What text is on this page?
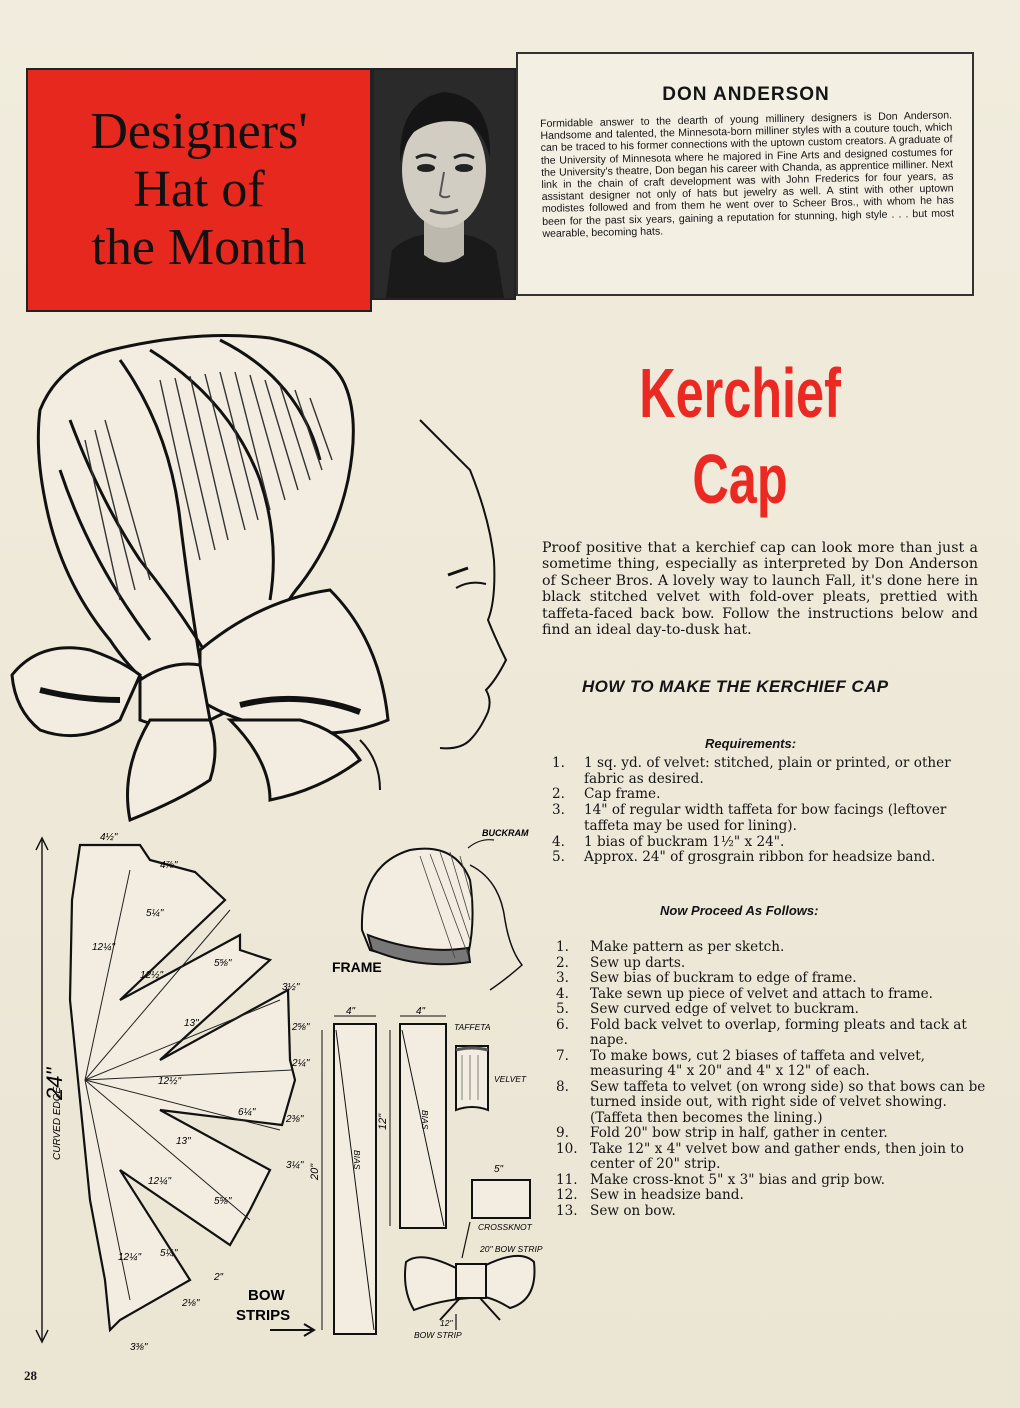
Designers'
Hat of
the Month
DON ANDERSON
Formidable answer to the dearth of young millinery designers is Don Anderson. Handsome and talented, the Minnesota-born milliner styles with a couture touch, which can be traced to his former connections with the uptown custom creators. A graduate of the University of Minnesota where he majored in Fine Arts and designed costumes for the University's theatre, Don began his career with Chanda, as apprentice milliner. Next link in the chain of craft development was with John Frederics for four years, as assistant designer not only of hats but jewelry as well. A stint with other uptown modistes followed and from them he went over to Scheer Bros., with whom he has been for the past six years, gaining a reputation for stunning, high style . . . but most wearable, becoming hats.
Kerchief
Cap
Proof positive that a kerchief cap can look more than just a sometime thing, especially as interpreted by Don Anderson of Scheer Bros. A lovely way to launch Fall, it's done here in black stitched velvet with fold-over pleats, prettied with taffeta-faced back bow. Follow the instructions below and find an ideal day-to-dusk hat.
HOW TO MAKE THE KERCHIEF CAP
Requirements:
1.	1 sq. yd. of velvet: stitched, plain or printed, or other fabric as desired.
2.	Cap frame.
3.	14" of regular width taffeta for bow facings (leftover taffeta may be used for lining).
4.	1 bias of buckram 1½" x 24".
5.	Approx. 24" of grosgrain ribbon for headsize band.
Now Proceed As Follows:
1.	Make pattern as per sketch.
2.	Sew up darts.
3.	Sew bias of buckram to edge of frame.
4.	Take sewn up piece of velvet and attach to frame.
5.	Sew curved edge of velvet to buckram.
6.	Fold back velvet to overlap, forming pleats and tack at nape.
7.	To make bows, cut 2 biases of taffeta and velvet, measuring 4" x 20" and 4" x 12" of each.
8.	Sew taffeta to velvet (on wrong side) so that bows can be turned inside out, with right side of velvet showing. (Taffeta then becomes the lining.)
9.	Fold 20" bow strip in half, gather in center.
10. Take 12" x 4" velvet bow and gather ends, then join to center of 20" strip.
11. Make cross-knot 5" x 3" bias and grip bow.
12. Sew in headsize band.
13. Sew on bow.
BUCKRAM
FRAME
24"
CURVED EDGE
4½"
4⅞"
5¼"
12¼"
12½"
5⅝"
3½"
13"	2⅝"
2¼"
12½"
6¼"
2⅜"
13"
3¼"
12¼"
5⅝"
12¼" 5¼"
2"
2⅛"
3⅜"
BOW
STRIPS
BIAS
BIAS
4"	4"
20"
12"
TAFFETA
VELVET
5"
CROSSKNOT
20" BOW STRIP
12"
BOW STRIP
28
